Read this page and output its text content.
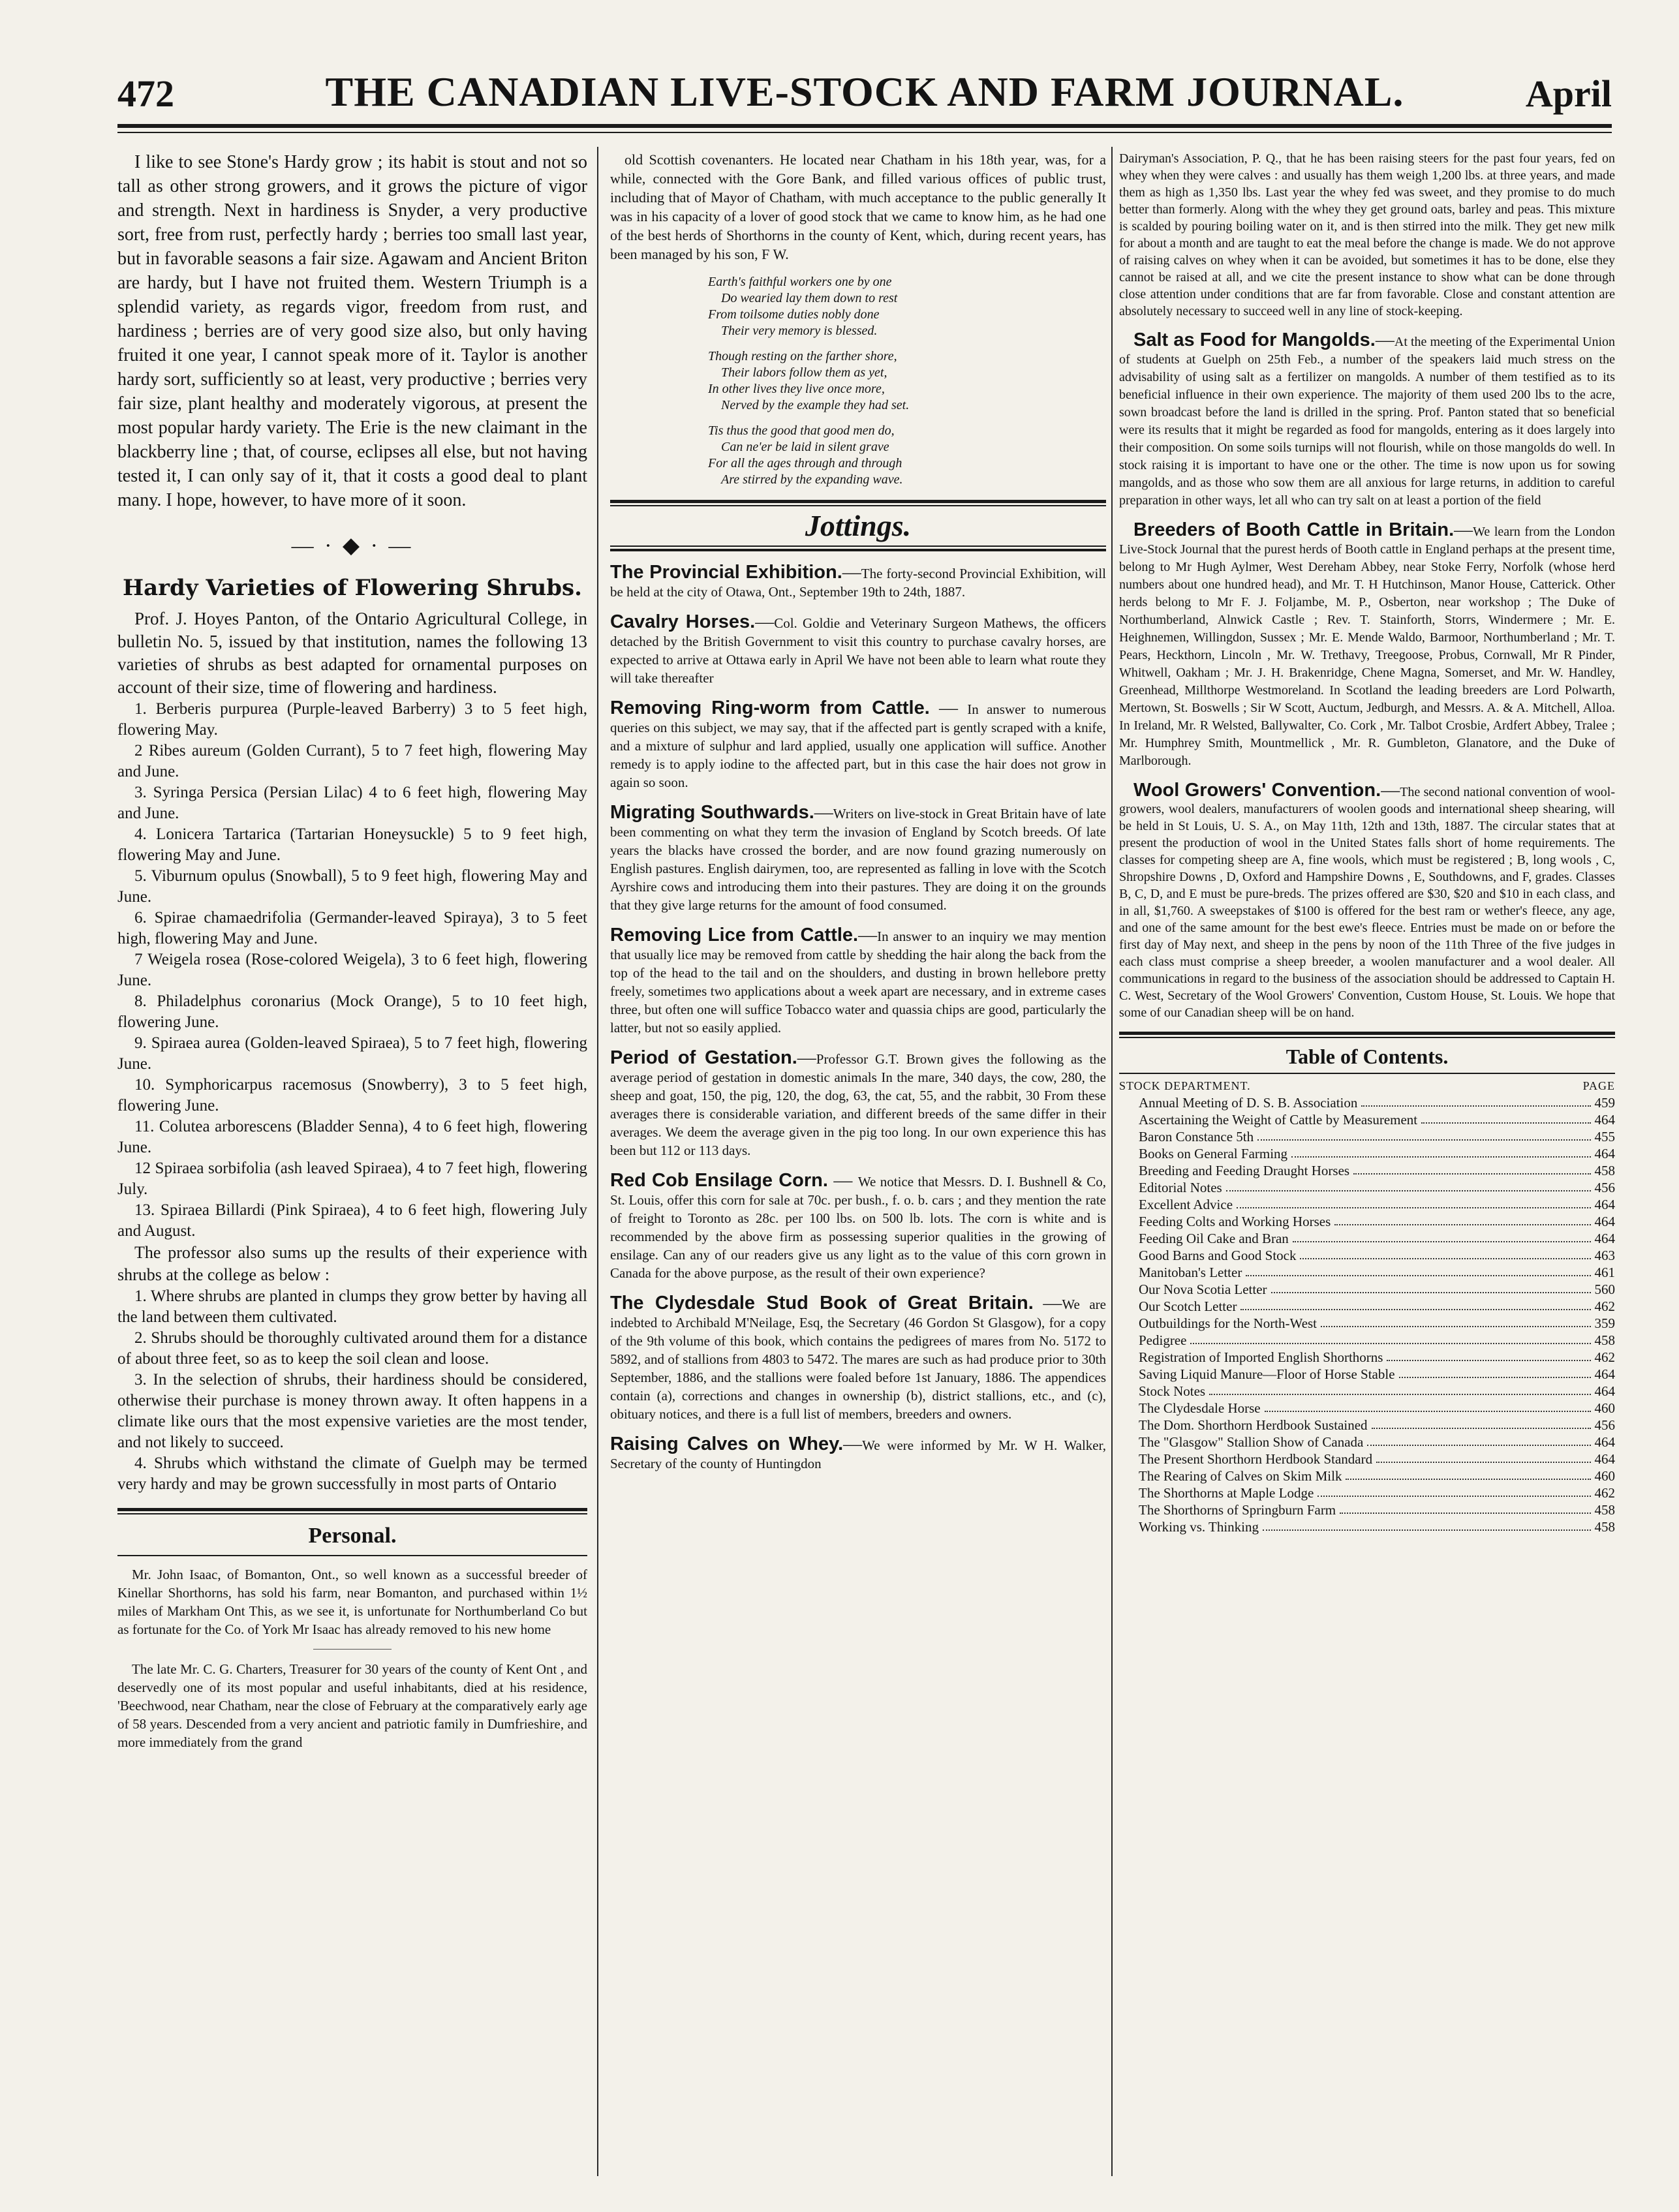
472	THE CANADIAN LIVE-STOCK AND FARM JOURNAL.	April

I like to see Stone's Hardy grow ; its habit is stout and not so tall as other strong growers, and it grows the picture of vigor and strength. Next in hardiness is Snyder, a very productive sort, free from rust, perfectly hardy ; berries too small last year, but in favorable seasons a fair size. Agawam and Ancient Briton are hardy, but I have not fruited them. Western Triumph is a splendid variety, as regards vigor, freedom from rust, and hardiness ; berries are of very good size also, but only having fruited it one year, I cannot speak more of it. Taylor is another hardy sort, sufficiently so at least, very productive ; berries very fair size, plant healthy and moderately vigorous, at present the most popular hardy variety. The Erie is the new claimant in the blackberry line ; that, of course, eclipses all else, but not having tested it, I can only say of it, that it costs a good deal to plant many. I hope, however, to have more of it soon.

— · ◆ · —
Hardy Varieties of Flowering Shrubs.

Prof. J. Hoyes Panton, of the Ontario Agricultural College, in bulletin No. 5, issued by that institution, names the following 13 varieties of shrubs as best adapted for ornamental purposes on account of their size, time of flowering and hardiness.

1. Berberis purpurea (Purple-leaved Barberry) 3 to 5 feet high, flowering May.

2 Ribes aureum (Golden Currant), 5 to 7 feet high, flowering May and June.

3. Syringa Persica (Persian Lilac) 4 to 6 feet high, flowering May and June.

4. Lonicera Tartarica (Tartarian Honeysuckle) 5 to 9 feet high, flowering May and June.

5. Viburnum opulus (Snowball), 5 to 9 feet high, flowering May and June.

6. Spirae chamaedrifolia (Germander-leaved Spiraya), 3 to 5 feet high, flowering May and June.

7 Weigela rosea (Rose-colored Weigela), 3 to 6 feet high, flowering June.

8. Philadelphus coronarius (Mock Orange), 5 to 10 feet high, flowering June.

9. Spiraea aurea (Golden-leaved Spiraea), 5 to 7 feet high, flowering June.

10. Symphoricarpus racemosus (Snowberry), 3 to 5 feet high, flowering June.

11. Colutea arborescens (Bladder Senna), 4 to 6 feet high, flowering June.

12 Spiraea sorbifolia (ash leaved Spiraea), 4 to 7 feet high, flowering July.

13. Spiraea Billardi (Pink Spiraea), 4 to 6 feet high, flowering July and August.

The professor also sums up the results of their experience with shrubs at the college as below :

1. Where shrubs are planted in clumps they grow better by having all the land between them cultivated.

2. Shrubs should be thoroughly cultivated around them for a distance of about three feet, so as to keep the soil clean and loose.

3. In the selection of shrubs, their hardiness should be considered, otherwise their purchase is money thrown away. It often happens in a climate like ours that the most expensive varieties are the most tender, and not likely to succeed.

4. Shrubs which withstand the climate of Guelph may be termed very hardy and may be grown successfully in most parts of Ontario

Personal.

Mr. John Isaac, of Bomanton, Ont., so well known as a successful breeder of Kinellar Shorthorns, has sold his farm, near Bomanton, and purchased within 1½ miles of Markham Ont This, as we see it, is unfortunate for Northumberland Co but as fortunate for the Co. of York Mr Isaac has already removed to his new home

The late Mr. C. G. Charters, Treasurer for 30 years of the county of Kent Ont , and deservedly one of its most popular and useful inhabitants, died at his residence, 'Beechwood, near Chatham, near the close of February at the comparatively early age of 58 years. Descended from a very ancient and patriotic family in Dumfrieshire, and more immediately from the grand

old Scottish covenanters. He located near Chatham in his 18th year, was, for a while, connected with the Gore Bank, and filled various offices of public trust, including that of Mayor of Chatham, with much acceptance to the public generally It was in his capacity of a lover of good stock that we came to know him, as he had one of the best herds of Shorthorns in the county of Kent, which, during recent years, has been managed by his son, F W.

Earth's faithful workers one by one
Do wearied lay them down to rest
From toilsome duties nobly done
Their very memory is blessed.
Though resting on the farther shore,
Their labors follow them as yet,
In other lives they live once more,
Nerved by the example they had set.
Tis thus the good that good men do,
Can ne'er be laid in silent grave
For all the ages through and through
Are stirred by the expanding wave.
Jottings.

The Provincial Exhibition.—The forty-second Provincial Exhibition, will be held at the city of Otawa, Ont., September 19th to 24th, 1887.

Cavalry Horses.—Col. Goldie and Veterinary Surgeon Mathews, the officers detached by the British Government to visit this country to purchase cavalry horses, are expected to arrive at Ottawa early in April We have not been able to learn what route they will take thereafter

Removing Ring-worm from Cattle. — In answer to numerous queries on this subject, we may say, that if the affected part is gently scraped with a knife, and a mixture of sulphur and lard applied, usually one application will suffice. Another remedy is to apply iodine to the affected part, but in this case the hair does not grow in again so soon.

Migrating Southwards.—Writers on live-stock in Great Britain have of late been commenting on what they term the invasion of England by Scotch breeds. Of late years the blacks have crossed the border, and are now found grazing numerously on English pastures. English dairymen, too, are represented as falling in love with the Scotch Ayrshire cows and introducing them into their pastures. They are doing it on the grounds that they give large returns for the amount of food consumed.

Removing Lice from Cattle.—In answer to an inquiry we may mention that usually lice may be removed from cattle by shedding the hair along the back from the top of the head to the tail and on the shoulders, and dusting in brown hellebore pretty freely, sometimes two applications about a week apart are necessary, and in extreme cases three, but often one will suffice Tobacco water and quassia chips are good, particularly the latter, but not so easily applied.

Period of Gestation.—Professor G.T. Brown gives the following as the average period of gestation in domestic animals In the mare, 340 days, the cow, 280, the sheep and goat, 150, the pig, 120, the dog, 63, the cat, 55, and the rabbit, 30 From these averages there is considerable variation, and different breeds of the same differ in their averages. We deem the average given in the pig too long. In our own experience this has been but 112 or 113 days.

Red Cob Ensilage Corn. — We notice that Messrs. D. I. Bushnell & Co, St. Louis, offer this corn for sale at 70c. per bush., f. o. b. cars ; and they mention the rate of freight to Toronto as 28c. per 100 lbs. on 500 lb. lots. The corn is white and is recommended by the above firm as possessing superior qualities in the growing of ensilage. Can any of our readers give us any light as to the value of this corn grown in Canada for the above purpose, as the result of their own experience?

The Clydesdale Stud Book of Great Britain. —We are indebted to Archibald M'Neilage, Esq, the Secretary (46 Gordon St Glasgow), for a copy of the 9th volume of this book, which contains the pedigrees of mares from No. 5172 to 5892, and of stallions from 4803 to 5472. The mares are such as had produce prior to 30th September, 1886, and the stallions were foaled before 1st January, 1886. The appendices contain (a), corrections and changes in ownership (b), district stallions, etc., and (c), obituary notices, and there is a full list of members, breeders and owners.

Raising Calves on Whey.—We were informed by Mr. W H. Walker, Secretary of the county of Huntingdon

Dairyman's Association, P. Q., that he has been raising steers for the past four years, fed on whey when they were calves : and usually has them weigh 1,200 lbs. at three years, and made them as high as 1,350 lbs. Last year the whey fed was sweet, and they promise to do much better than formerly. Along with the whey they get ground oats, barley and peas. This mixture is scalded by pouring boiling water on it, and is then stirred into the milk. They get new milk for about a month and are taught to eat the meal before the change is made. We do not approve of raising calves on whey when it can be avoided, but sometimes it has to be done, else they cannot be raised at all, and we cite the present instance to show what can be done through close attention under conditions that are far from favorable. Close and constant attention are absolutely necessary to succeed well in any line of stock-keeping.

Salt as Food for Mangolds.—At the meeting of the Experimental Union of students at Guelph on 25th Feb., a number of the speakers laid much stress on the advisability of using salt as a fertilizer on mangolds. A number of them testified as to its beneficial influence in their own experience. The majority of them used 200 lbs to the acre, sown broadcast before the land is drilled in the spring. Prof. Panton stated that so beneficial were its results that it might be regarded as food for mangolds, entering as it does largely into their composition. On some soils turnips will not flourish, while on those mangolds do well. In stock raising it is important to have one or the other. The time is now upon us for sowing mangolds, and as those who sow them are all anxious for large returns, in addition to careful preparation in other ways, let all who can try salt on at least a portion of the field

Breeders of Booth Cattle in Britain.—We learn from the London Live-Stock Journal that the purest herds of Booth cattle in England perhaps at the present time, belong to Mr Hugh Aylmer, West Dereham Abbey, near Stoke Ferry, Norfolk (whose herd numbers about one hundred head), and Mr. T. H Hutchinson, Manor House, Catterick. Other herds belong to Mr F. J. Foljambe, M. P., Osberton, near workshop ; The Duke of Northumberland, Alnwick Castle ; Rev. T. Stainforth, Storrs, Windermere ; Mr. E. Heighnemen, Willingdon, Sussex ; Mr. E. Mende Waldo, Barmoor, Northumberland ; Mr. T. Pears, Heckthorn, Lincoln , Mr. W. Trethavy, Treegoose, Probus, Cornwall, Mr R Pinder, Whitwell, Oakham ; Mr. J. H. Brakenridge, Chene Magna, Somerset, and Mr. W. Handley, Greenhead, Millthorpe Westmoreland. In Scotland the leading breeders are Lord Polwarth, Mertown, St. Boswells ; Sir W Scott, Auctum, Jedburgh, and Messrs. A. & A. Mitchell, Alloa. In Ireland, Mr. R Welsted, Ballywalter, Co. Cork , Mr. Talbot Crosbie, Ardfert Abbey, Tralee ; Mr. Humphrey Smith, Mountmellick , Mr. R. Gumbleton, Glanatore, and the Duke of Marlborough.

Wool Growers' Convention.—The second national convention of wool-growers, wool dealers, manufacturers of woolen goods and international sheep shearing, will be held in St Louis, U. S. A., on May 11th, 12th and 13th, 1887. The circular states that at present the production of wool in the United States falls short of home requirements. The classes for competing sheep are A, fine wools, which must be registered ; B, long wools , C, Shropshire Downs , D, Oxford and Hampshire Downs , E, Southdowns, and F, grades. Classes B, C, D, and E must be pure-breds. The prizes offered are $30, $20 and $10 in each class, and in all, $1,760. A sweepstakes of $100 is offered for the best ram or wether's fleece, any age, and one of the same amount for the best ewe's fleece. Entries must be made on or before the first day of May next, and sheep in the pens by noon of the 11th Three of the five judges in each class must comprise a sheep breeder, a woolen manufacturer and a wool dealer. All communications in regard to the business of the association should be addressed to Captain H. C. West, Secretary of the Wool Growers' Convention, Custom House, St. Louis. We hope that some of our Canadian sheep will be on hand.

Table of Contents.
STOCK DEPARTMENT.	PAGE
Annual Meeting of D. S. B. Association	459
Ascertaining the Weight of Cattle by Measurement	464
Baron Constance 5th	455
Books on General Farming	464
Breeding and Feeding Draught Horses	458
Editorial Notes	456
Excellent Advice	464
Feeding Colts and Working Horses	464
Feeding Oil Cake and Bran	464
Good Barns and Good Stock	463
Manitoban's Letter	461
Our Nova Scotia Letter	560
Our Scotch Letter	462
Outbuildings for the North-West	359
Pedigree	458
Registration of Imported English Shorthorns	462
Saving Liquid Manure—Floor of Horse Stable	464
Stock Notes	464
The Clydesdale Horse	460
The Dom. Shorthorn Herdbook Sustained	456
The "Glasgow" Stallion Show of Canada	464
The Present Shorthorn Herdbook Standard	464
The Rearing of Calves on Skim Milk	460
The Shorthorns at Maple Lodge	462
The Shorthorns of Springburn Farm	458
Working vs. Thinking	458
